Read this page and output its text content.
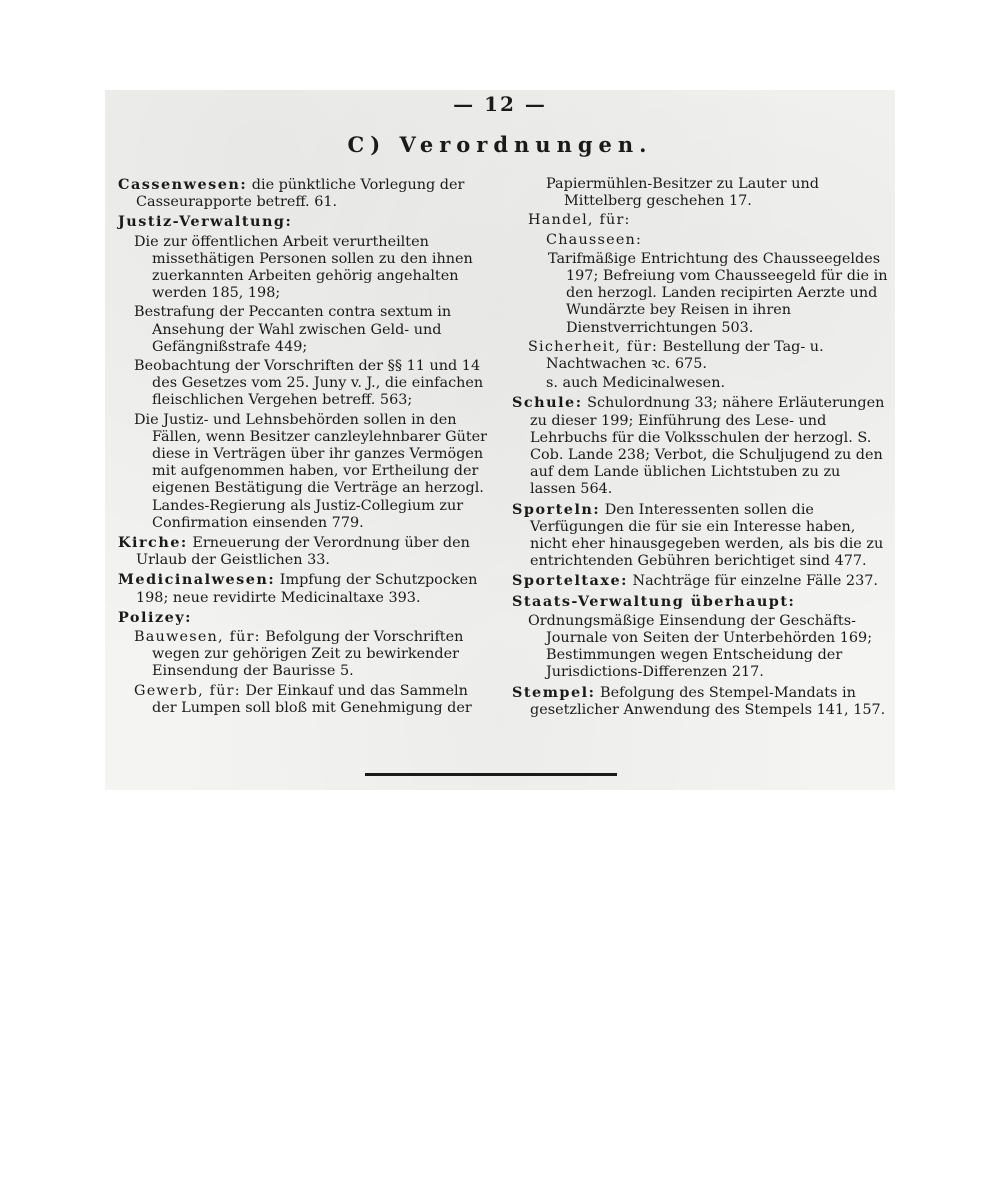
— 12 —
C) Verordnungen.
Cassenwesen: die pünktliche Vorlegung der Casseurapporte betreff. 61.
Justiz-Verwaltung:
Die zur öffentlichen Arbeit verurtheilten missethätigen Personen sollen zu den ihnen zuerkannten Arbeiten gehörig angehalten werden 185, 198;
Bestrafung der Peccanten contra sextum in Ansehung der Wahl zwischen Geld- und Gefängnißstrafe 449;
Beobachtung der Vorschriften der §§ 11 und 14 des Gesetzes vom 25. Juny v. J., die einfachen fleischlichen Vergehen betreff. 563;
Die Justiz- und Lehnsbehörden sollen in den Fällen, wenn Besitzer canzleylehnbarer Güter diese in Verträgen über ihr ganzes Vermögen mit aufgenommen haben, vor Ertheilung der eigenen Bestätigung die Verträge an herzogl. Landes-Regierung als Justiz-Collegium zur Confirmation einsenden 779.
Kirche: Erneuerung der Verordnung über den Urlaub der Geistlichen 33.
Medicinalwesen: Impfung der Schutzpocken 198; neue revidirte Medicinaltaxe 393.
Polizey:
Bauwesen, für: Befolgung der Vorschriften wegen zur gehörigen Zeit zu bewirkender Einsendung der Baurisse 5.
Gewerb, für: Der Einkauf und das Sammeln der Lumpen soll bloß mit Genehmigung der
Papiermühlen-Besitzer zu Lauter und Mittelberg geschehen 17.
Handel, für:
Chausseen:
Tarifmäßige Entrichtung des Chausseegeldes 197; Befreiung vom Chausseegeld für die in den herzogl. Landen recipirten Aerzte und Wundärzte bey Reisen in ihren Dienstverrichtungen 503.
Sicherheit, für: Bestellung der Tag- u. Nachtwachen ꝛc. 675.
s. auch Medicinalwesen.
Schule: Schulordnung 33; nähere Erläuterungen zu dieser 199; Einführung des Lese- und Lehrbuchs für die Volksschulen der herzogl. S. Cob. Lande 238; Verbot, die Schuljugend zu den auf dem Lande üblichen Lichtstuben zu zu lassen 564.
Sporteln: Den Interessenten sollen die Verfügungen die für sie ein Interesse haben, nicht eher hinausgegeben werden, als bis die zu entrichtenden Gebühren berichtiget sind 477.
Sporteltaxe: Nachträge für einzelne Fälle 237.
Staats-Verwaltung überhaupt:
Ordnungsmäßige Einsendung der Geschäfts-Journale von Seiten der Unterbehörden 169; Bestimmungen wegen Entscheidung der Jurisdictions-Differenzen 217.
Stempel: Befolgung des Stempel-Mandats in gesetzlicher Anwendung des Stempels 141, 157.
